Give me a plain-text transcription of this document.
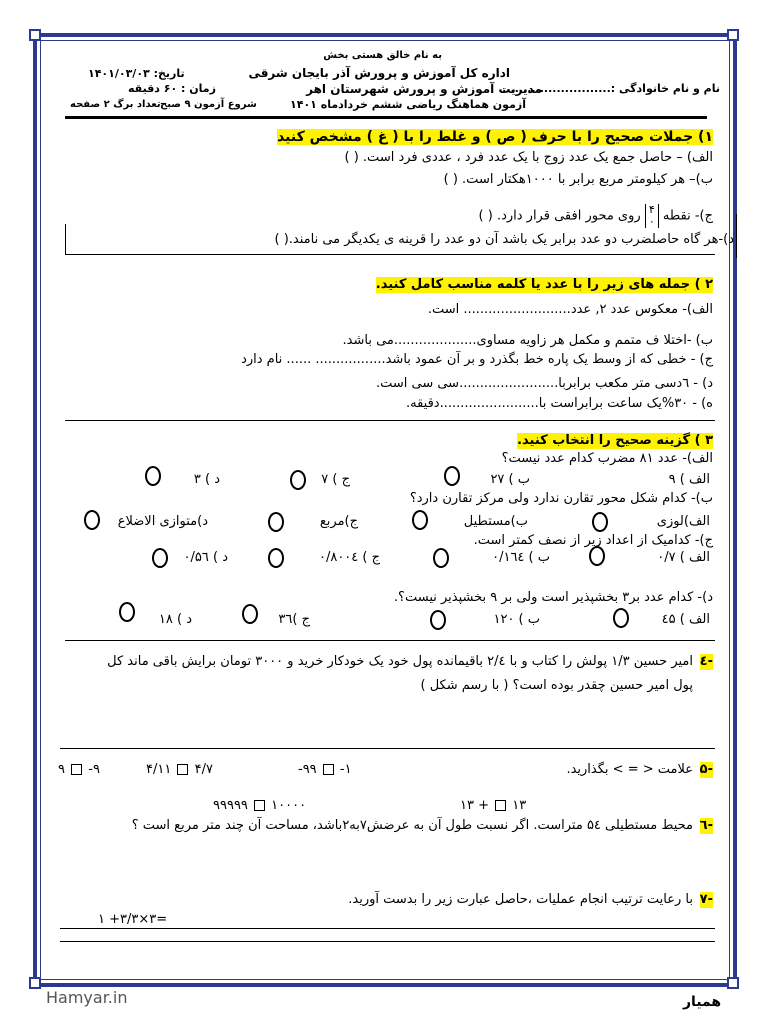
به نام خالق هستی بخش
اداره کل آموزش و پرورش آذر بایجان شرقی
مدیریت آموزش و پرورش شهرستان اهر
آزمون هماهنگ ریاضی ششم خردادماه ۱۴۰۱
نام و نام خانوادگی :..........................
تاریخ: ۱۴۰۱/۰۳/۰۳
زمان : ۶۰ دقیقه
شروع آزمون ۹ صبح
تعداد برگ ۲ صفحه
۱) جملات صحیح را با حرف ( ص ) و غلط را با ( غ ) مشخص کنید
الف) – حاصل جمع یک عدد زوج با یک عدد فرد ، عددی فرد است. ( )
ب)– هر کیلومتر مربع برابر با ۱۰۰۰هکتار است. ( )
ج)- نقطه
۴
۰
روی محور افقی قرار دارد. ( )
د)-هر گاه حاصلضرب دو عدد برابر یک باشد آن دو عدد را قرینه ی یکدیگر می نامند.( )
۲ ) جمله های زیر را با عدد یا کلمه مناسب کامل کنید.
الف)- معکوس عدد ۲, عدد.......................... است.
ب) -اختلا ف متمم و مکمل هر زاویه مساوی....................می باشد.
ج) - خطی که از وسط یک پاره خط بگذرد و بر آن عمود باشد................. ...... نام دارد
د) - ٦دسی متر مکعب برابربا........................سی سی است.
ه) - ۳۰%یک ساعت برابراست با........................دقیقه.
۳ ) گزینه صحیح را انتخاب کنید.
الف)- عدد ۸۱ مضرب کدام عدد نیست؟
الف ) ۹
ب ) ۲۷
ج ) ۷
د ) ۳
ب)- کدام شکل محور تقارن ندارد ولی مرکز تقارن دارد؟
الف)لوزی
ب)مستطیل
ج)مربع
د)متوازی الاضلاع
ج)- کدامیک از اعداد زیر از نصف کمتر است.
الف ) ۰/۷
ب ) ۰/۱٦٤
ج ) ۰/۸۰۰٤
د ) ۰/۵٦
د)- کدام عدد بر۳ بخشپذیر است ولی بر ۹ بخشپذیر نیست؟.
الف ) ٤۵
ب ) ۱۲۰
ج )۳٦
د ) ۱۸
-٤
امیر حسین ۱/۳ پولش را کتاب و با ۲/٤ باقیمانده پول خود یک خودکار خرید و ۳۰۰۰ تومان برایش باقی ماند کل
پول امیر حسین چقدر بوده است؟ ( با رسم شکل )
-۵
علامت < = > بگذارید.
-۹۹  -۱
۴/۱۱  ۴/۷
۹  -۹
۱۳ +  ۱۳
۹۹۹۹۹  ۱۰۰۰۰
-٦
محیط مستطیلی ۵٤ متراست. اگر نسبت طول آن به عرضش۷به۲باشد، مساحت آن چند متر مربع است ؟
-۷
با رعایت ترتیب انجام عملیات ،حاصل عبارت زیر را بدست آورید.
۱ +۳/۳×۳=
Hamyar.in	همیار
